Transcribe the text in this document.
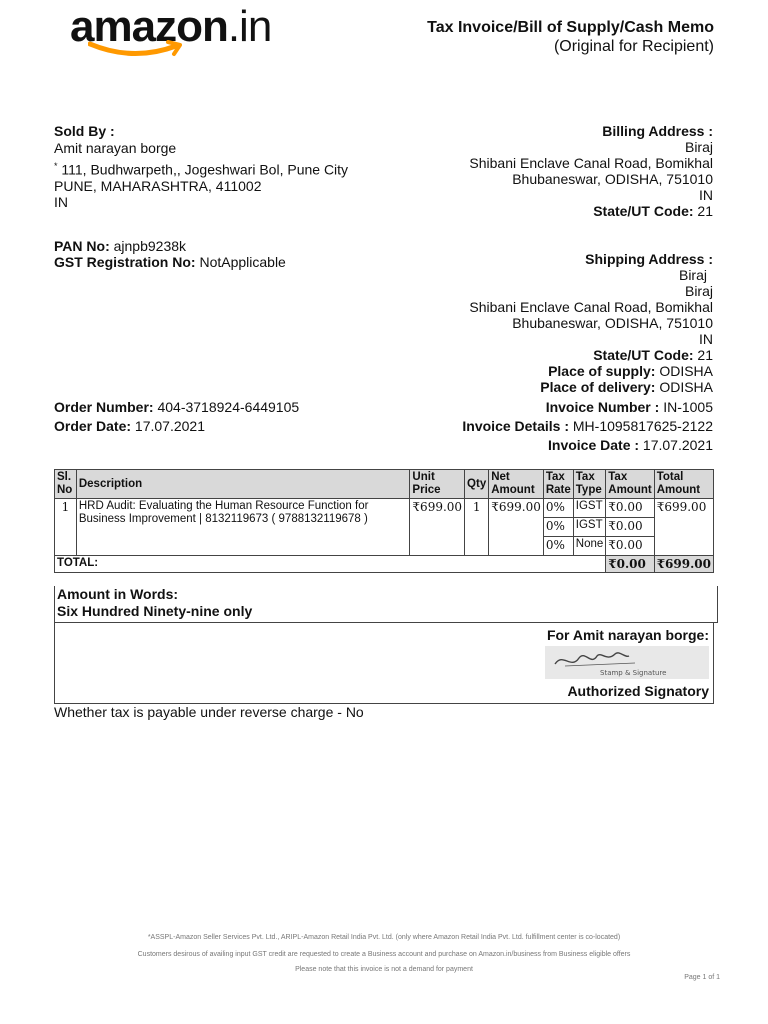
amazon.in	Tax Invoice/Bill of Supply/Cash Memo
(Original for Recipient)
Sold By :
Amit narayan borge
* 111, Budhwarpeth,, Jogeshwari Bol, Pune City
PUNE, MAHARASHTRA, 411002
IN
PAN No: ajnpb9238k
GST Registration No: NotApplicable
Billing Address :
Biraj
Shibani Enclave Canal Road, Bomikhal
Bhubaneswar, ODISHA, 751010
IN
State/UT Code: 21
Shipping Address :
Biraj
Biraj
Shibani Enclave Canal Road, Bomikhal
Bhubaneswar, ODISHA, 751010
IN
State/UT Code: 21
Place of supply: ODISHA
Place of delivery: ODISHA
Order Number: 404-3718924-6449105
Order Date: 17.07.2021
Invoice Number : IN-1005
Invoice Details : MH-1095817625-2122
Invoice Date : 17.07.2021
Sl. No	Description	Unit Price	Qty	Net Amount	Tax Rate	Tax Type	Tax Amount	Total Amount
1	HRD Audit: Evaluating the Human Resource Function for Business Improvement | 8132119673 ( 9788132119678 )	₹699.00	1	₹699.00	0%	IGST	₹0.00	₹699.00
					0%	IGST	₹0.00	
					0%	None	₹0.00	
TOTAL:							₹0.00	₹699.00
Amount in Words:
Six Hundred Ninety-nine only
For Amit narayan borge:
Stamp & Signature
Authorized Signatory
Whether tax is payable under reverse charge - No
*ASSPL-Amazon Seller Services Pvt. Ltd., ARIPL-Amazon Retail India Pvt. Ltd. (only where Amazon Retail India Pvt. Ltd. fulfillment center is co-located)
Customers desirous of availing input GST credit are requested to create a Business account and purchase on Amazon.in/business from Business eligible offers
Please note that this invoice is not a demand for payment
Page 1 of 1
